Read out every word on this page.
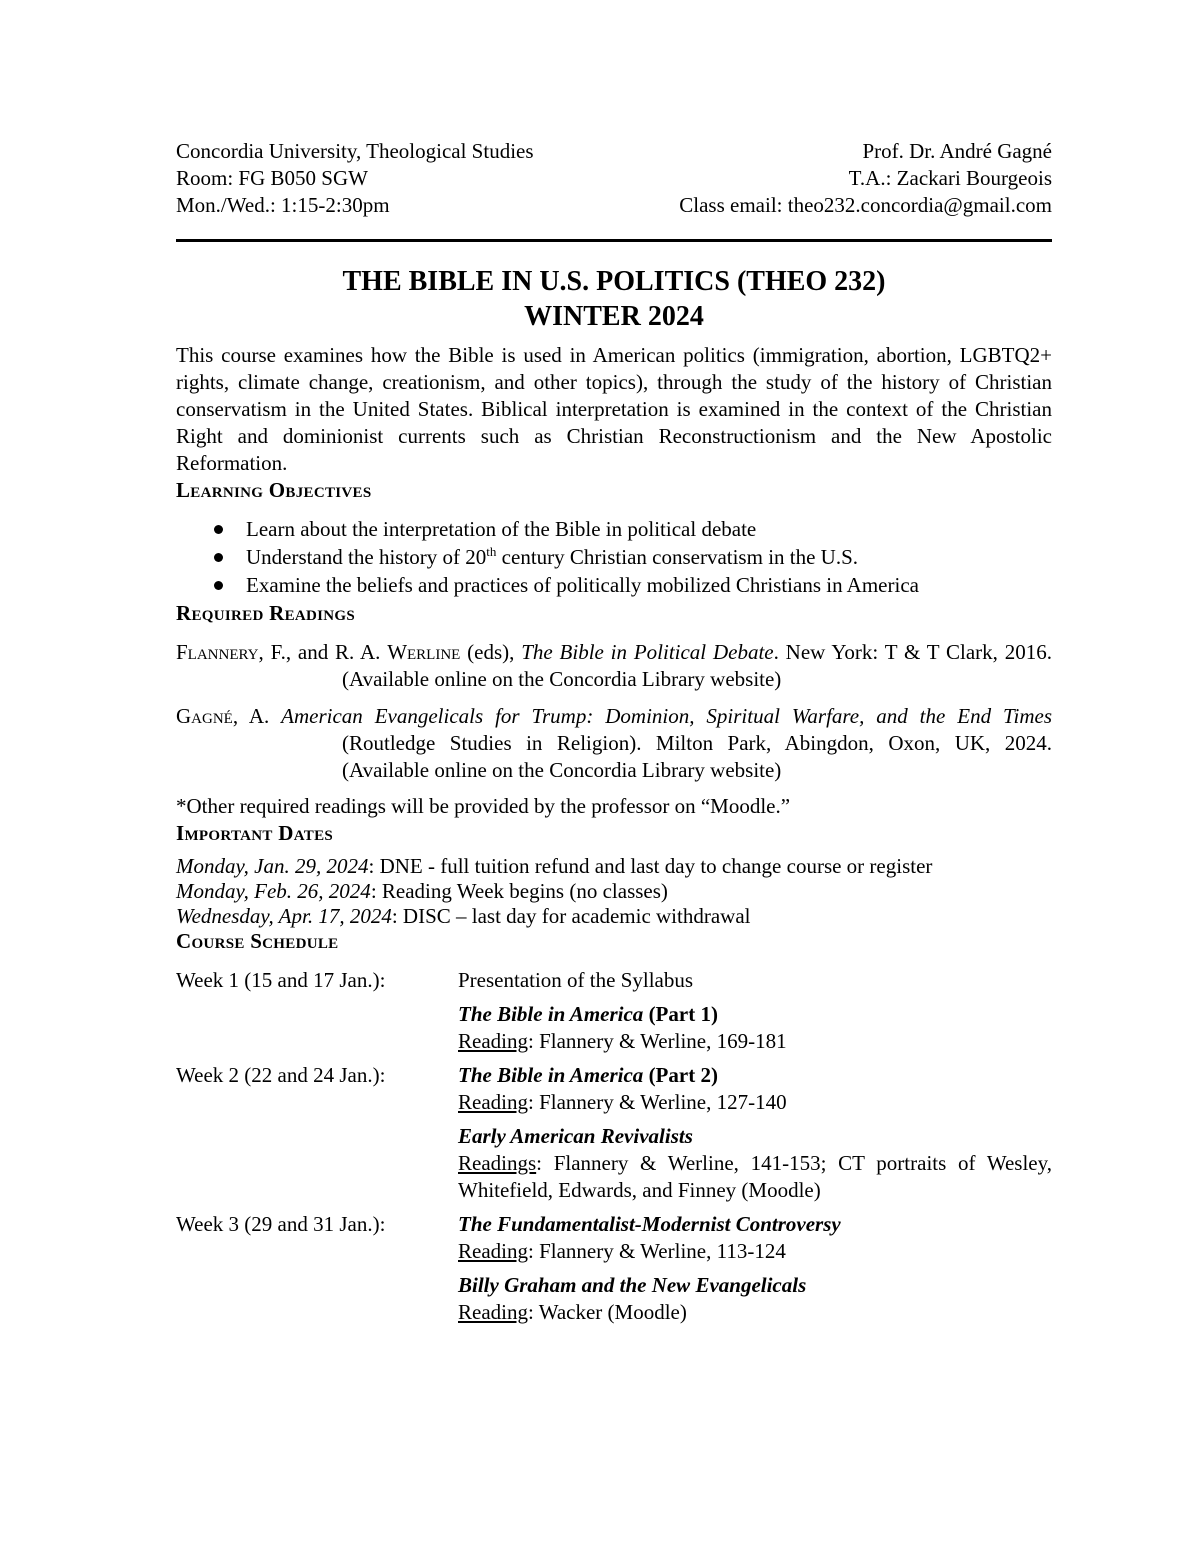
Concordia University, Theological Studies	Prof. Dr. André Gagné
Room: FG B050 SGW	T.A.: Zackari Bourgeois
Mon./Wed.: 1:15-2:30pm	Class email: theo232.concordia@gmail.com
THE BIBLE IN U.S. POLITICS (THEO 232)
WINTER 2024

This course examines how the Bible is used in American politics (immigration, abortion, LGBTQ2+ rights, climate change, creationism, and other topics), through the study of the history of Christian conservatism in the United States. Biblical interpretation is examined in the context of the Christian Right and dominionist currents such as Christian Reconstructionism and the New Apostolic Reformation.

Learning Objectives
Learn about the interpretation of the Bible in political debate
Understand the history of 20th century Christian conservatism in the U.S.
Examine the beliefs and practices of politically mobilized Christians in America
Required Readings
Flannery, F., and R. A. Werline (eds), The Bible in Political Debate. New York: T & T Clark, 2016. (Available online on the Concordia Library website)
Gagné, A. American Evangelicals for Trump: Dominion, Spiritual Warfare, and the End Times (Routledge Studies in Religion). Milton Park, Abingdon, Oxon, UK, 2024. (Available online on the Concordia Library website)
*Other required readings will be provided by the professor on “Moodle.”
Important Dates
Monday, Jan. 29, 2024: DNE - full tuition refund and last day to change course or register
Monday, Feb. 26, 2024: Reading Week begins (no classes)
Wednesday, Apr. 17, 2024: DISC – last day for academic withdrawal
Course Schedule
Week 1 (15 and 17 Jan.):	Presentation of the Syllabus
The Bible in America (Part 1)
Reading: Flannery & Werline, 169-181
Week 2 (22 and 24 Jan.):	The Bible in America (Part 2)
Reading: Flannery & Werline, 127-140
Early American Revivalists
Readings: Flannery & Werline, 141-153; CT portraits of Wesley, Whitefield, Edwards, and Finney (Moodle)
Week 3 (29 and 31 Jan.):	The Fundamentalist-Modernist Controversy
Reading: Flannery & Werline, 113-124
Billy Graham and the New Evangelicals
Reading: Wacker (Moodle)
